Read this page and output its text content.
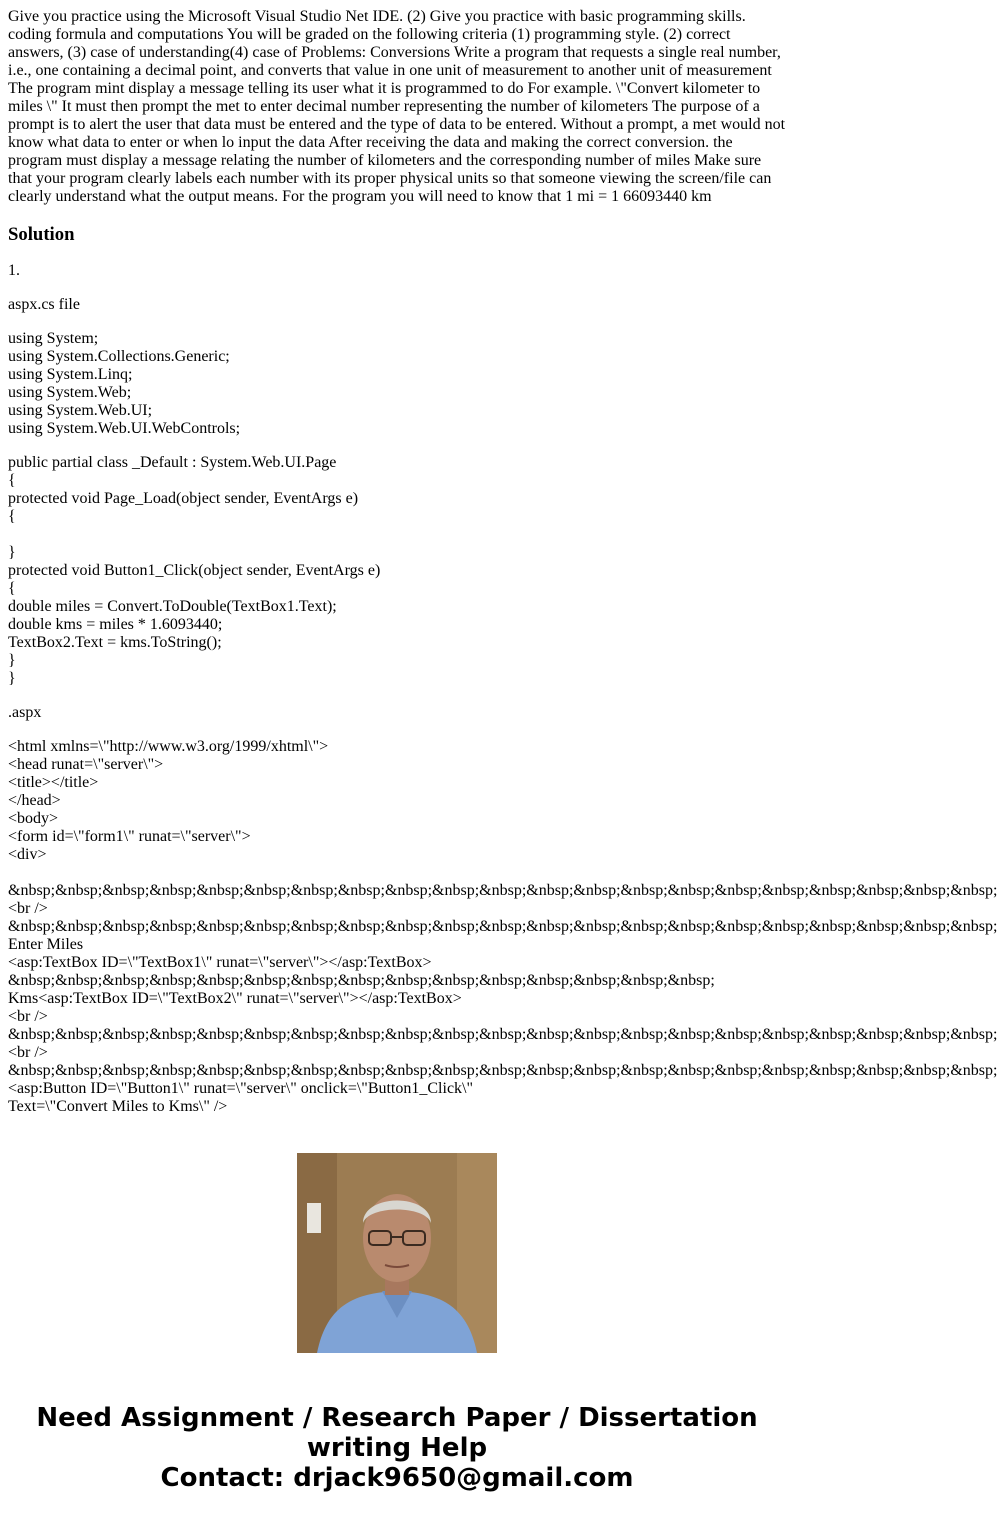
Give you practice using the Microsoft Visual Studio Net IDE. (2) Give you practice with basic programming skills. coding formula and computations You will be graded on the following criteria (1) programming style. (2) correct answers, (3) case of understanding(4) case of Problems: Conversions Write a program that requests a single real number, i.e., one containing a decimal point, and converts that value in one unit of measurement to another unit of measurement The program mint display a message telling its user what it is programmed to do For example. \"Convert kilometer to miles \" It must then prompt the met to enter decimal number representing the number of kilometers The purpose of a prompt is to alert the user that data must be entered and the type of data to be entered. Without a prompt, a met would not know what data to enter or when lo input the data After receiving the data and making the correct conversion. the program must display a message relating the number of kilometers and the corresponding number of miles Make sure that your program clearly labels each number with its proper physical units so that someone viewing the screen/file can clearly understand what the output means. For the program you will need to know that 1 mi = 1 66093440 km
Solution

1.

aspx.cs file

using System;
using System.Collections.Generic;
using System.Linq;
using System.Web;
using System.Web.UI;
using System.Web.UI.WebControls;

public partial class _Default : System.Web.UI.Page
{
protected void Page_Load(object sender, EventArgs e)
{
}
protected void Button1_Click(object sender, EventArgs e)
{
double miles = Convert.ToDouble(TextBox1.Text);
double kms = miles * 1.6093440;
TextBox2.Text = kms.ToString();
}
}

.aspx

<html xmlns=\"http://www.w3.org/1999/xhtml\">
<head runat=\"server\">
<title></title>
</head>
<body>
<form id=\"form1\" runat=\"server\">
<div>
&nbsp;&nbsp;&nbsp;&nbsp;&nbsp;&nbsp;&nbsp;&nbsp;&nbsp;&nbsp;&nbsp;&nbsp;&nbsp;&nbsp;&nbsp;&nbsp;&nbsp;&nbsp;&nbsp;&nbsp;&nbsp;
<br />
&nbsp;&nbsp;&nbsp;&nbsp;&nbsp;&nbsp;&nbsp;&nbsp;&nbsp;&nbsp;&nbsp;&nbsp;&nbsp;&nbsp;&nbsp;&nbsp;&nbsp;&nbsp;&nbsp;&nbsp;&nbsp;
Enter Miles
<asp:TextBox ID=\"TextBox1\" runat=\"server\"></asp:TextBox>
&nbsp;&nbsp;&nbsp;&nbsp;&nbsp;&nbsp;&nbsp;&nbsp;&nbsp;&nbsp;&nbsp;&nbsp;&nbsp;&nbsp;&nbsp;
Kms<asp:TextBox ID=\"TextBox2\" runat=\"server\"></asp:TextBox>
<br />
&nbsp;&nbsp;&nbsp;&nbsp;&nbsp;&nbsp;&nbsp;&nbsp;&nbsp;&nbsp;&nbsp;&nbsp;&nbsp;&nbsp;&nbsp;&nbsp;&nbsp;&nbsp;&nbsp;&nbsp;&nbsp;
<br />
&nbsp;&nbsp;&nbsp;&nbsp;&nbsp;&nbsp;&nbsp;&nbsp;&nbsp;&nbsp;&nbsp;&nbsp;&nbsp;&nbsp;&nbsp;&nbsp;&nbsp;&nbsp;&nbsp;&nbsp;&nbsp;
<asp:Button ID=\"Button1\" runat=\"server\" onclick=\"Button1_Click\"
Text=\"Convert Miles to Kms\" />

Need Assignment / Research Paper / Dissertation
writing Help
Contact: drjack9650@gmail.com
